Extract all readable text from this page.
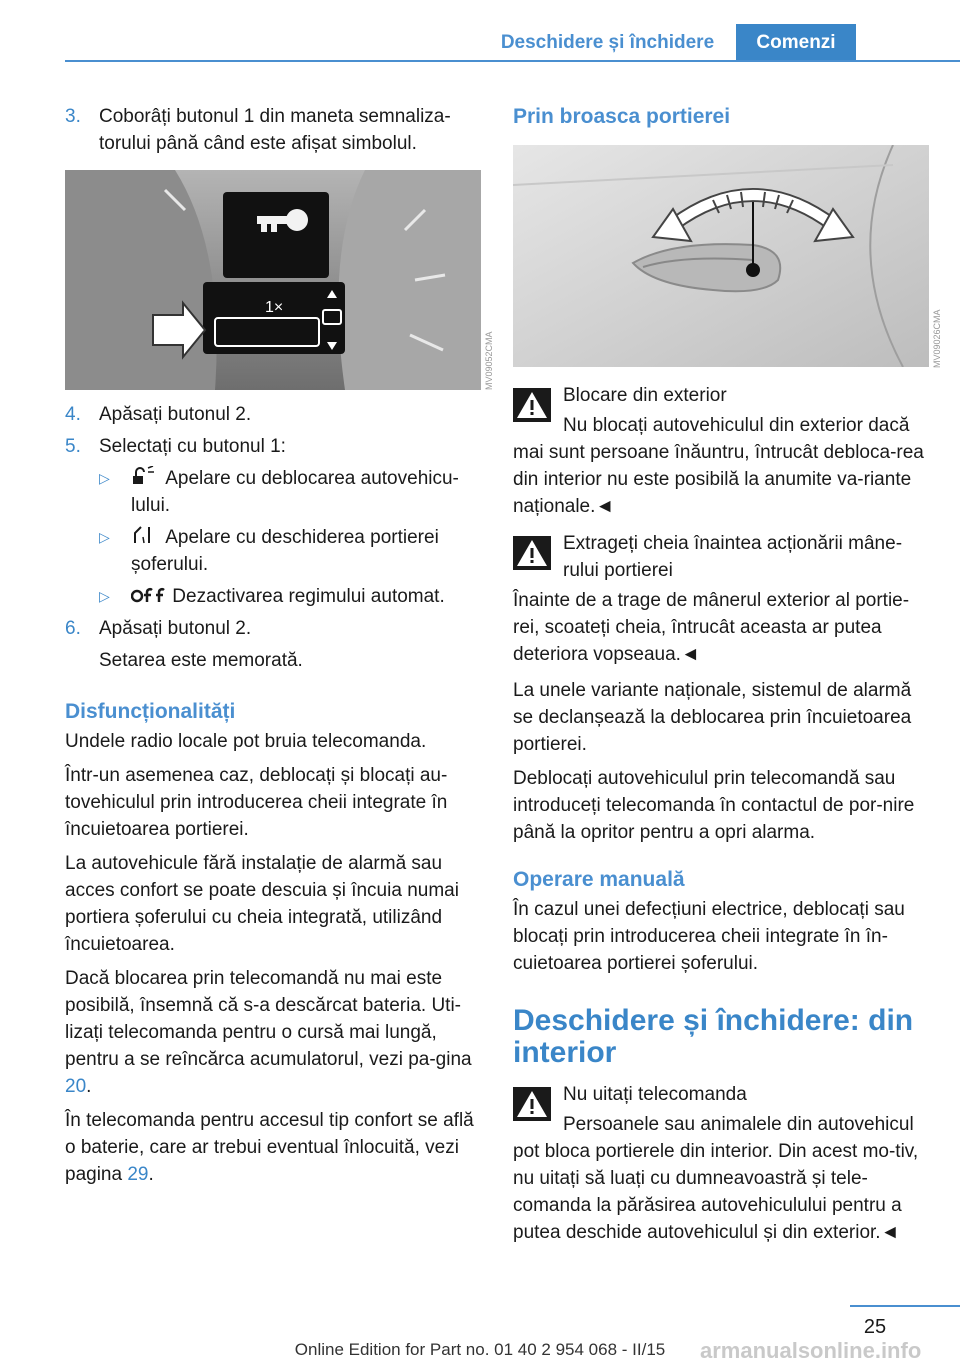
Deschidere și închidere	Comenzi

3. Coborâți butonul 1 din maneta semnaliza-torului până când este afișat simbolul.

1×
MV09052CMA

4. Apăsați butonul 2.

5. Selectați cu butonul 1:

▷	Apelare cu deblocarea autovehicu-lului.

▷	Apelare cu deschiderea portierei șoferului.

▷	Dezactivarea regimului automat.

6. Apăsați butonul 2.

Setarea este memorată.

Disfuncționalități

Undele radio locale pot bruia telecomanda.

Într-un asemenea caz, deblocați și blocați au-tovehiculul prin introducerea cheii integrate în încuietoarea portierei.

La autovehicule fără instalație de alarmă sau acces confort se poate descuia și încuia numai portiera șoferului cu cheia integrată, utilizând încuietoarea.

Dacă blocarea prin telecomandă nu mai este posibilă, însemnă că s-a descărcat bateria. Uti-lizați telecomanda pentru o cursă mai lungă, pentru a se reîncărca acumulatorul, vezi pa-gina 20.

În telecomanda pentru accesul tip confort se află o baterie, care ar trebui eventual înlocuită, vezi pagina 29.

Prin broasca portierei

MV09026CMA

Blocare din exterior

Nu blocați autovehiculul din exterior dacă mai sunt persoane înăuntru, întrucât debloca-rea din interior nu este posibilă la anumite va-riante naționale.◄

Extrageți cheia înaintea acționării mâne-rului portierei

Înainte de a trage de mânerul exterior al portie-rei, scoateți cheia, întrucât aceasta ar putea deteriora vopseaua.◄

La unele variante naționale, sistemul de alarmă se declanșează la deblocarea prin încuietoarea portierei.

Deblocați autovehiculul prin telecomandă sau introduceți telecomanda în contactul de por-nire până la opritor pentru a opri alarma.

Operare manuală

În cazul unei defecțiuni electrice, deblocați sau blocați prin introducerea cheii integrate în în-cuietoarea portierei șoferului.

Deschidere și închidere: din interior

Nu uitați telecomanda

Persoanele sau animalele din autovehicul pot bloca portierele din interior. Din acest mo-tiv, nu uitați să luați cu dumneavoastră și tele-comanda la părăsirea autovehiculului pentru a putea deschide autovehiculul și din exterior.◄

25
armanualsonline.info
Online Edition for Part no. 01 40 2 954 068 - II/15
